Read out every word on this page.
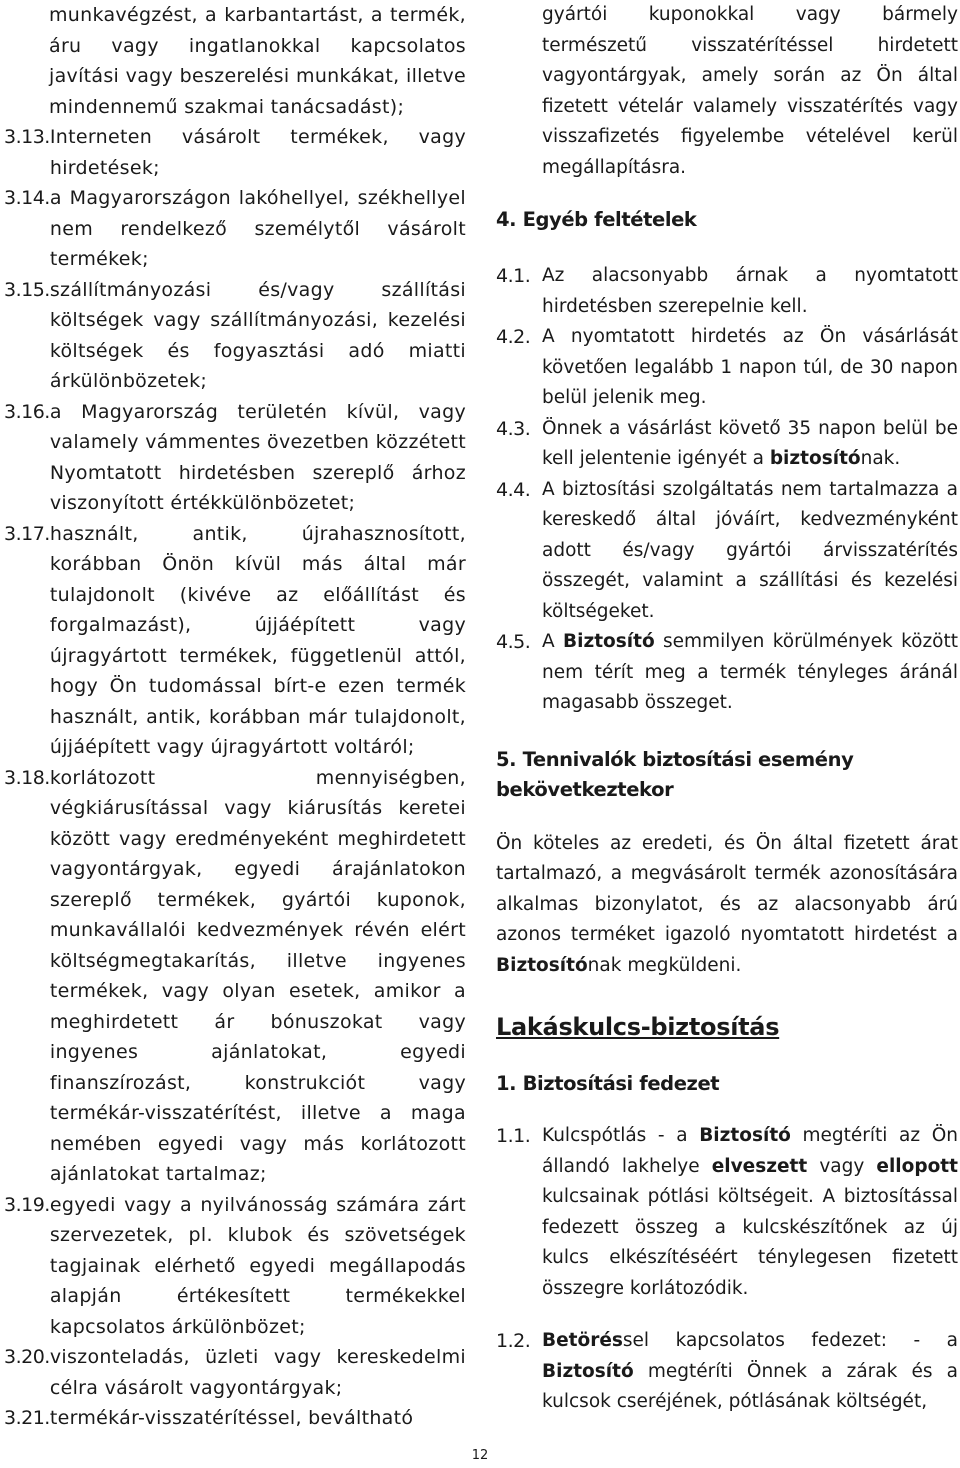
munkavégzést, a karbantartást, a termék, áru vagy ingatlanokkal kapcsolatos javítási vagy beszerelési munkákat, illetve mindennemű szakmai tanácsadást);
3.13. Interneten vásárolt termékek, vagy hirdetések;
3.14. a Magyarországon lakóhellyel, székhellyel nem rendelkező személytől vásárolt termékek;
3.15. szállítmányozási és/vagy szállítási költségek vagy szállítmányozási, kezelési költségek és fogyasztási adó miatti árkülönbözetek;
3.16. a Magyarország területén kívül, vagy valamely vámmentes övezetben közzétett Nyomtatott hirdetésben szereplő árhoz viszonyított értékkülönbözetet;
3.17. használt, antik, újrahasznosított, korábban Önön kívül más által már tulajdonolt (kivéve az előállítást és forgalmazást), újjáépített vagy újragyártott termékek, függetlenül attól, hogy Ön tudomással bírt-e ezen termék használt, antik, korábban már tulajdonolt, újjáépített vagy újragyártott voltáról;
3.18. korlátozott mennyiségben, végkiárusítással vagy kiárusítás keretei között vagy eredményeként meghirdetett vagyontárgyak, egyedi árajánlatokon szereplő termékek, gyártói kuponok, munkavállalói kedvezmények révén elért költségmegtakarítás, illetve ingyenes termékek, vagy olyan esetek, amikor a meghirdetett ár bónuszokat vagy ingyenes ajánlatokat, egyedi finanszírozást, konstrukciót vagy termékár-visszatérítést, illetve a maga nemében egyedi vagy más korlátozott ajánlatokat tartalmaz;
3.19. egyedi vagy a nyilvánosság számára zárt szervezetek, pl. klubok és szövetségek tagjainak elérhető egyedi megállapodás alapján értékesített termékekkel kapcsolatos árkülönbözet;
3.20. viszonteladás, üzleti vagy kereskedelmi célra vásárolt vagyontárgyak;
3.21. termékár-visszatérítéssel, beváltható
gyártói kuponokkal vagy bármely természetű visszatérítéssel hirdetett vagyontárgyak, amely során az Ön által fizetett vételár valamely visszatérítés vagy visszafizetés figyelembe vételével kerül megállapításra.
4. Egyéb feltételek
4.1. Az alacsonyabb árnak a nyomtatott hirdetésben szerepelnie kell.
4.2. A nyomtatott hirdetés az Ön vásárlását követően legalább 1 napon túl, de 30 napon belül jelenik meg.
4.3. Önnek a vásárlást követő 35 napon belül be kell jelentenie igényét a biztosítónak.
4.4. A biztosítási szolgáltatás nem tartalmazza a kereskedő által jóváírt, kedvezményként adott és/vagy gyártói árvisszatérítés összegét, valamint a szállítási és kezelési költségeket.
4.5. A Biztosító semmilyen körülmények között nem térít meg a termék tényleges áránál magasabb összeget.
5. Tennivalók biztosítási esemény bekövetkeztekor
Ön köteles az eredeti, és Ön által fizetett árat tartalmazó, a megvásárolt termék azonosítására alkalmas bizonylatot, és az alacsonyabb árú azonos terméket igazoló nyomtatott hirdetést a Biztosítónak megküldeni.
Lakáskulcs-biztosítás
1. Biztosítási fedezet
1.1. Kulcspótlás - a Biztosító megtéríti az Ön állandó lakhelye elveszett vagy ellopott kulcsainak pótlási költségeit. A biztosítással fedezett összeg a kulcskészítőnek az új kulcs elkészítéséért ténylegesen fizetett összegre korlátozódik.
1.2. Betöréssel kapcsolatos fedezet: - a Biztosító megtéríti Önnek a zárak és a kulcsok cseréjének, pótlásának költségét,
12
